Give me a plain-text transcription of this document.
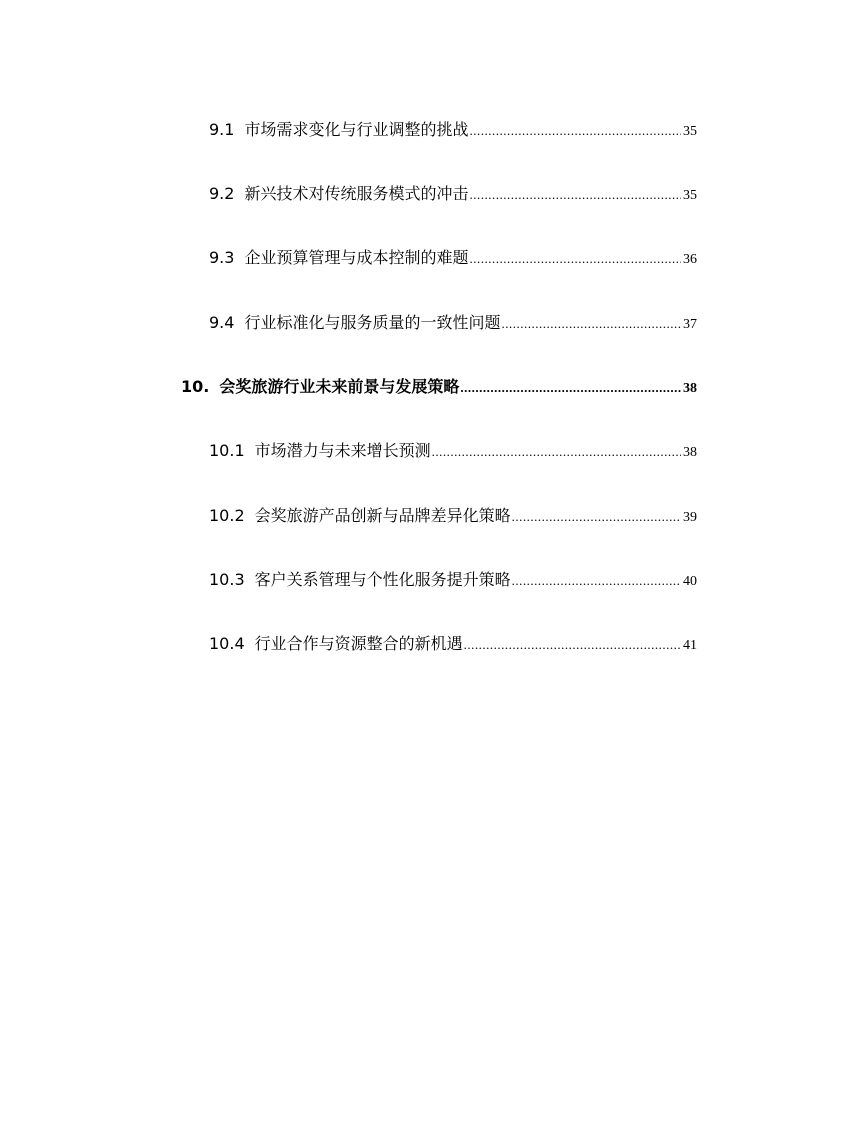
9.1 市场需求变化与行业调整的挑战 .....	35
9.2 新兴技术对传统服务模式的冲击 .....	35
9.3 企业预算管理与成本控制的难题 .....	36
9.4 行业标准化与服务质量的一致性问题 .....	37
10. 会奖旅游行业未来前景与发展策略 .....	38
10.1 市场潜力与未来增长预测 .....	38
10.2 会奖旅游产品创新与品牌差异化策略 .....	39
10.3 客户关系管理与个性化服务提升策略 .....	40
10.4 行业合作与资源整合的新机遇 .....	41
